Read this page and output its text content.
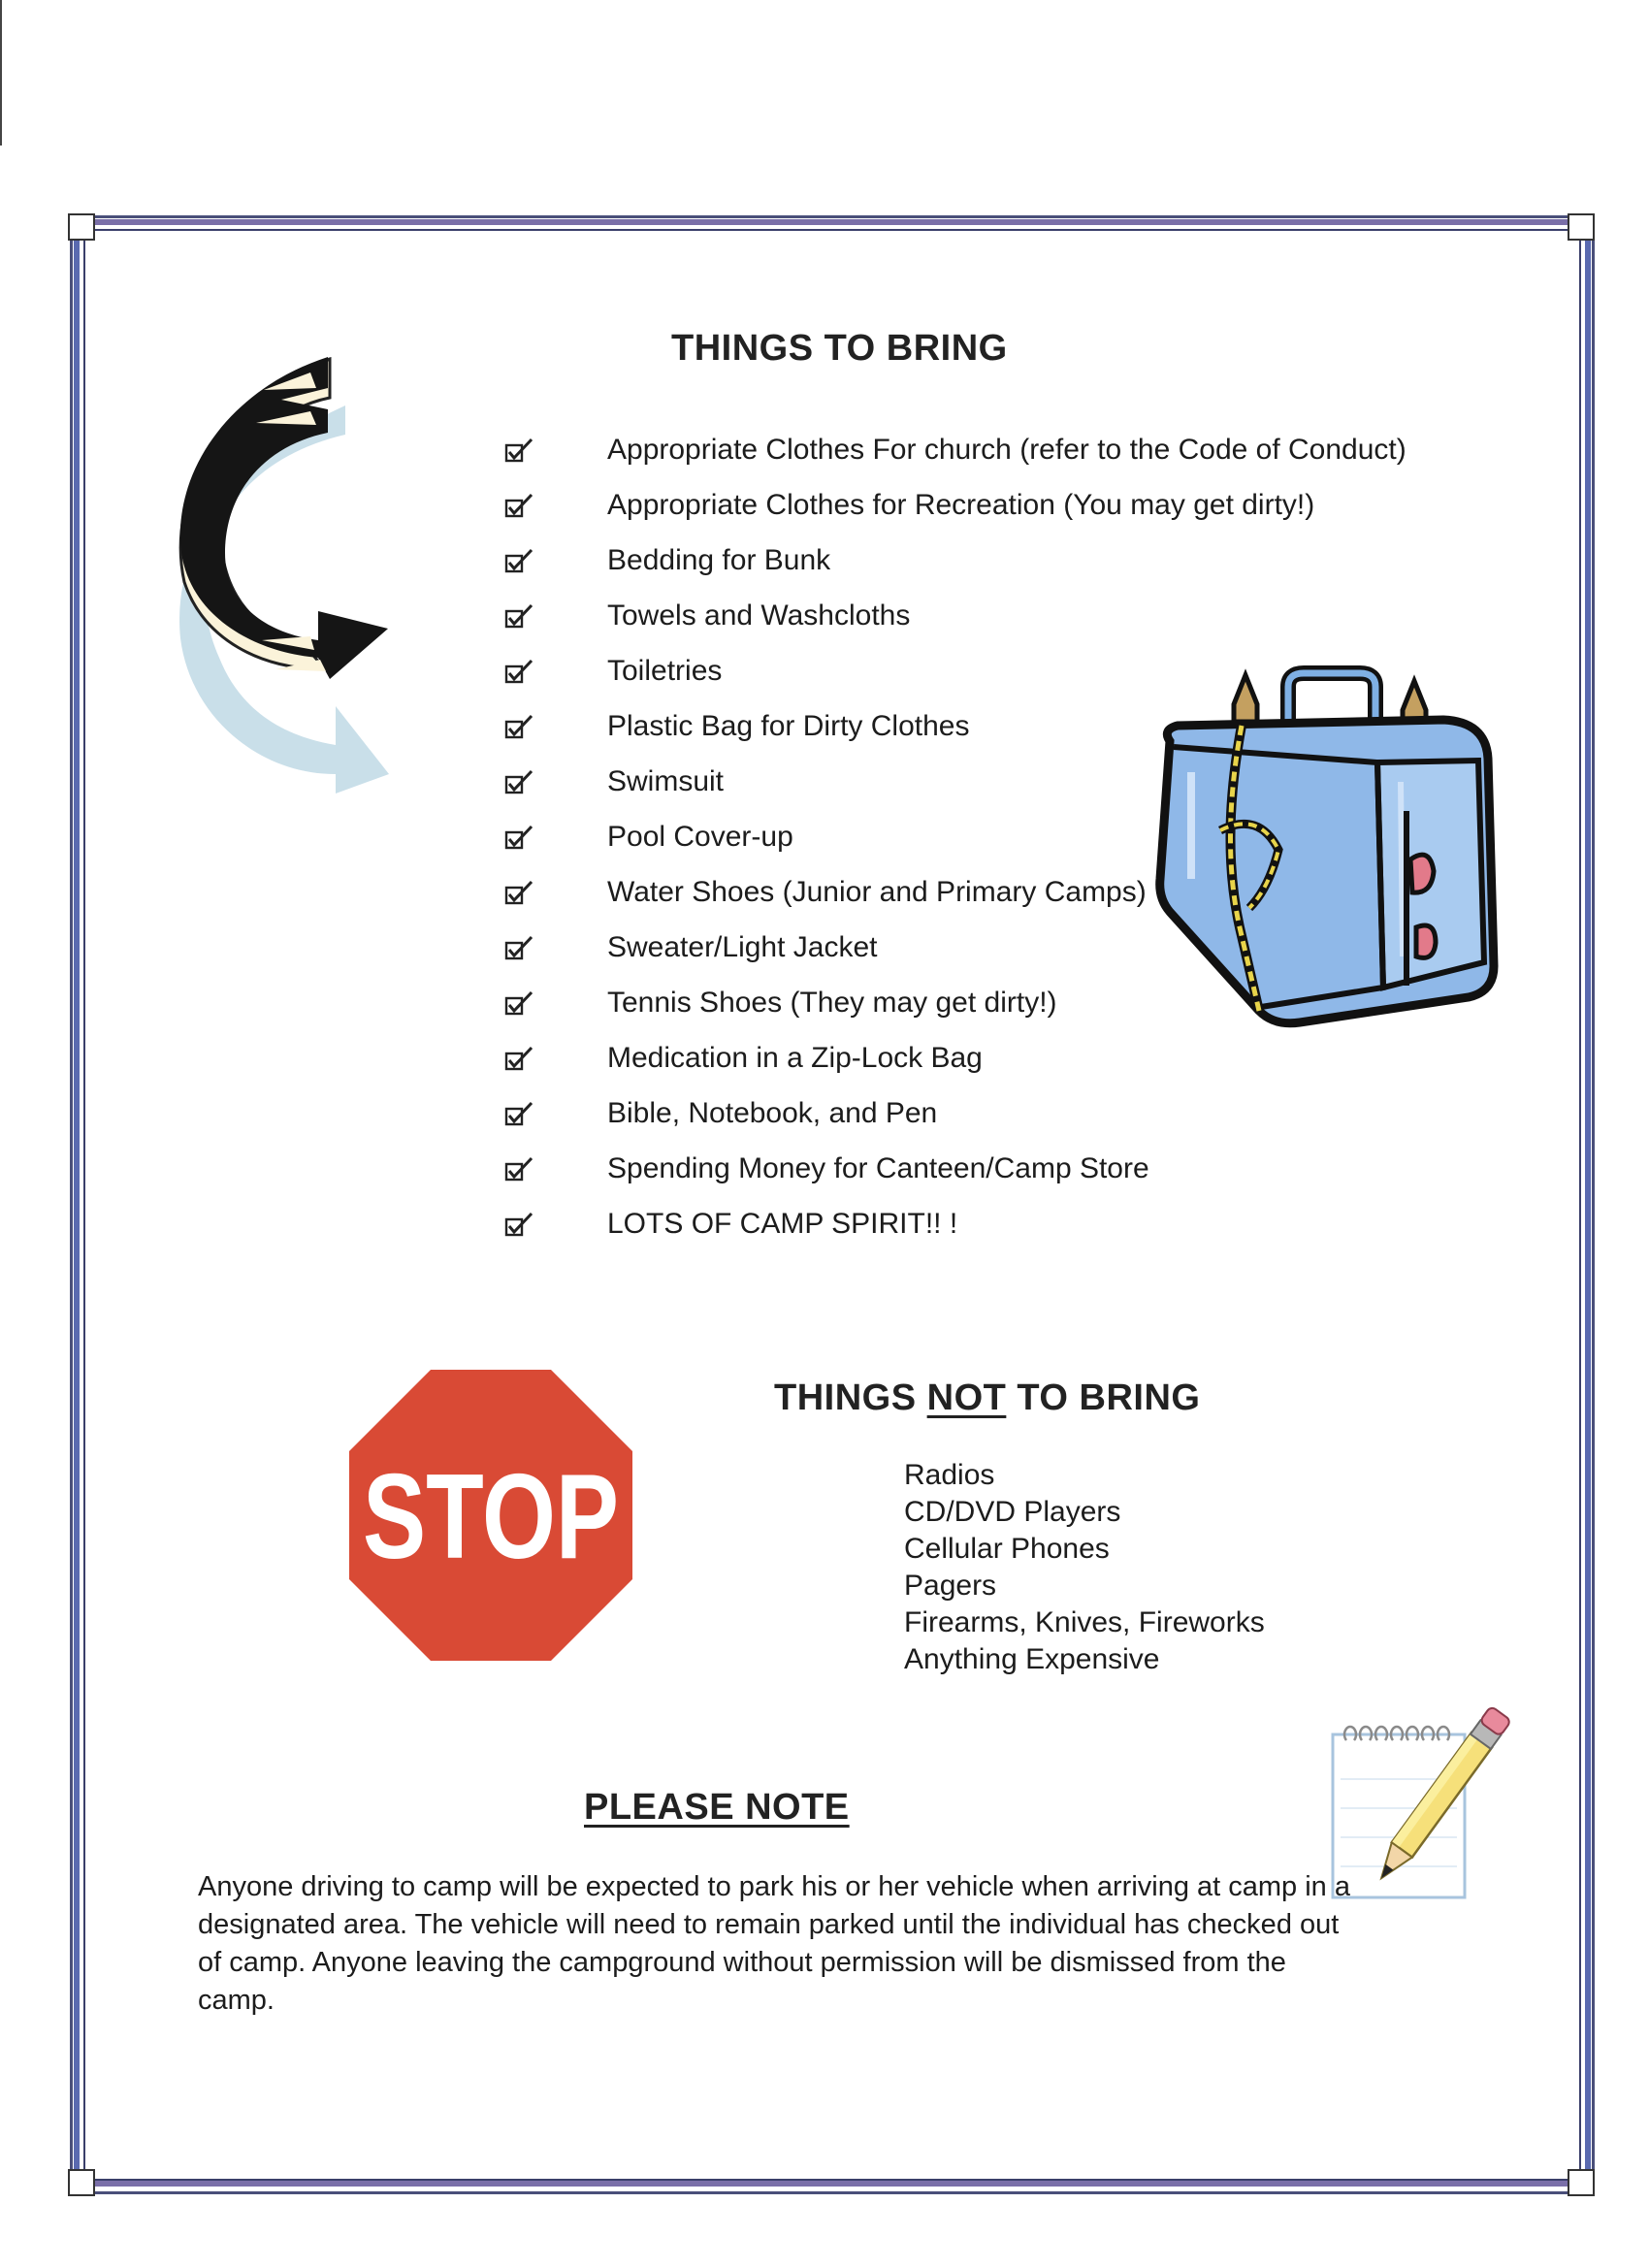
THINGS TO BRING
Appropriate Clothes For church (refer to the Code of Conduct)
Appropriate Clothes for Recreation (You may get dirty!)
Bedding for Bunk
Towels and Washcloths
Toiletries
Plastic Bag for Dirty Clothes
Swimsuit
Pool Cover-up
Water Shoes (Junior and Primary Camps)
Sweater/Light Jacket
Tennis Shoes (They may get dirty!)
Medication in a Zip-Lock Bag
Bible, Notebook, and Pen
Spending Money for Canteen/Camp Store
LOTS OF CAMP SPIRIT!! !
STOP
THINGS NOT TO BRING
Radios
CD/DVD Players
Cellular Phones
Pagers
Firearms, Knives, Fireworks
Anything Expensive
PLEASE NOTE

Anyone driving to camp will be expected to park his or her vehicle when arriving at camp in a designated area. The vehicle will need to remain parked until the individual has checked out of camp. Anyone leaving the campground without permission will be dismissed from the camp.
